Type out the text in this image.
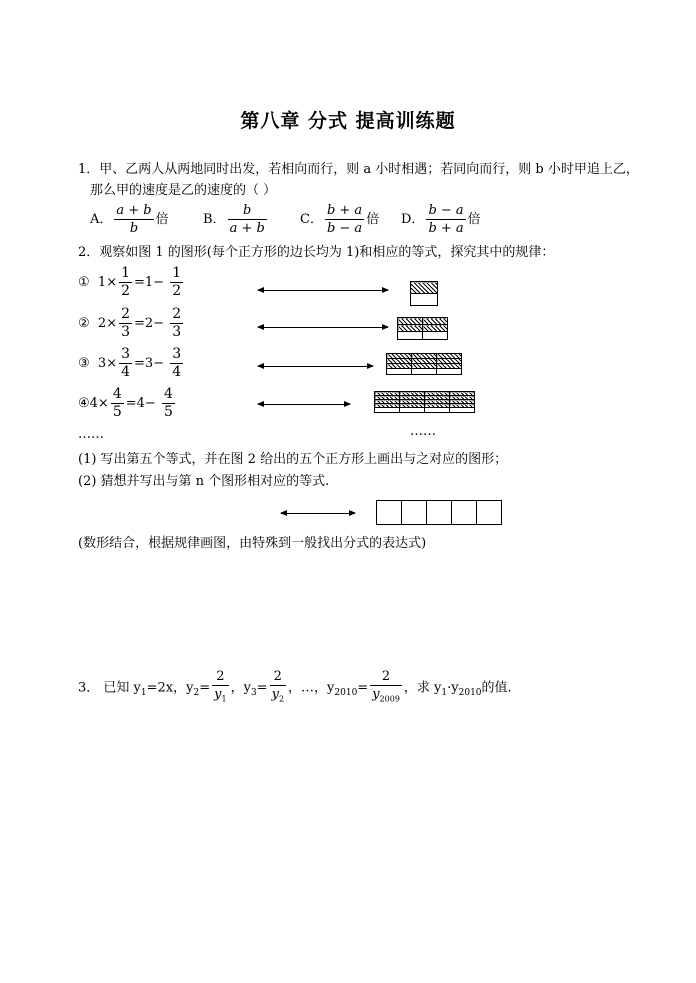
第八章 分式 提高训练题
1．甲、乙两人从两地同时出发，若相向而行，则 a 小时相遇；若同向而行，则 b 小时甲追上乙，
那么甲的速度是乙的速度的（ ）
A． $\frac{a + b}{b}$ 倍	B． $\frac{b}{a + b}$	C． $\frac{b + a}{b - a}$ 倍 D． $\frac{b - a}{b + a}$ 倍
2．观察如图 1 的图形(每个正方形的边长均为 1)和相应的等式，探究其中的规律：
① $1\times \frac{1}{2} =1- \frac{1}{2}$
② $2\times \frac{2}{3} =2- \frac{2}{3}$
③ $3\times \frac{3}{4} =3- \frac{3}{4}$
④4× $\frac{4}{5} =4- \frac{4}{5}$
……

				……
(1) 写出第五个等式，并在图 2 给出的五个正方形上画出与之对应的图形；
(2) 猜想并写出与第 n 个图形相对应的等式.

(数形结合，根据规律画图，由特殊到一般找出分式的表达式)
3． 已知 $y_1=2x$，$y_2= \frac{2}{y_1}$ ，$y_3= \frac{2}{y_2}$ ，…，$y_{2010}= \frac{2}{y_{2009}}$ ，求 $y_1\cdot y_{2010}$的值.
